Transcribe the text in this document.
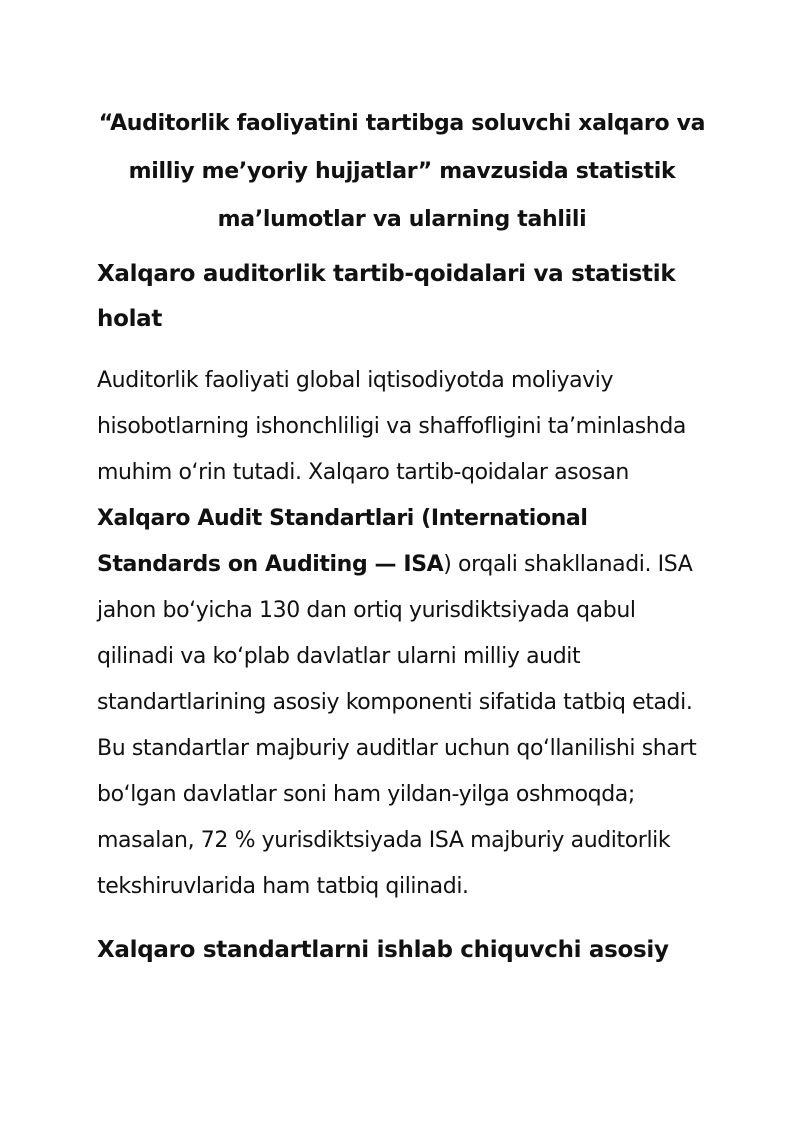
“Auditorlik faoliyatini tartibga soluvchi xalqaro va milliy me’yoriy hujjatlar” mavzusida statistik ma’lumotlar va ularning tahlili
Xalqaro auditorlik tartib-qoidalari va statistik holat

Auditorlik faoliyati global iqtisodiyotda moliyaviy hisobotlarning ishonchliligi va shaffofligini ta’minlashda muhim o‘rin tutadi. Xalqaro tartib-qoidalar asosan Xalqaro Audit Standartlari (International Standards on Auditing — ISA) orqali shakllanadi. ISA jahon bo‘yicha 130 dan ortiq yurisdiktsiyada qabul qilinadi va ko‘plab davlatlar ularni milliy audit standartlarining asosiy komponenti sifatida tatbiq etadi. Bu standartlar majburiy auditlar uchun qo‘llanilishi shart bo‘lgan davlatlar soni ham yildan-yilga oshmoqda; masalan, 72 % yurisdiktsiyada ISA majburiy auditorlik tekshiruvlarida ham tatbiq qilinadi.

Xalqaro standartlarni ishlab chiquvchi asosiy
